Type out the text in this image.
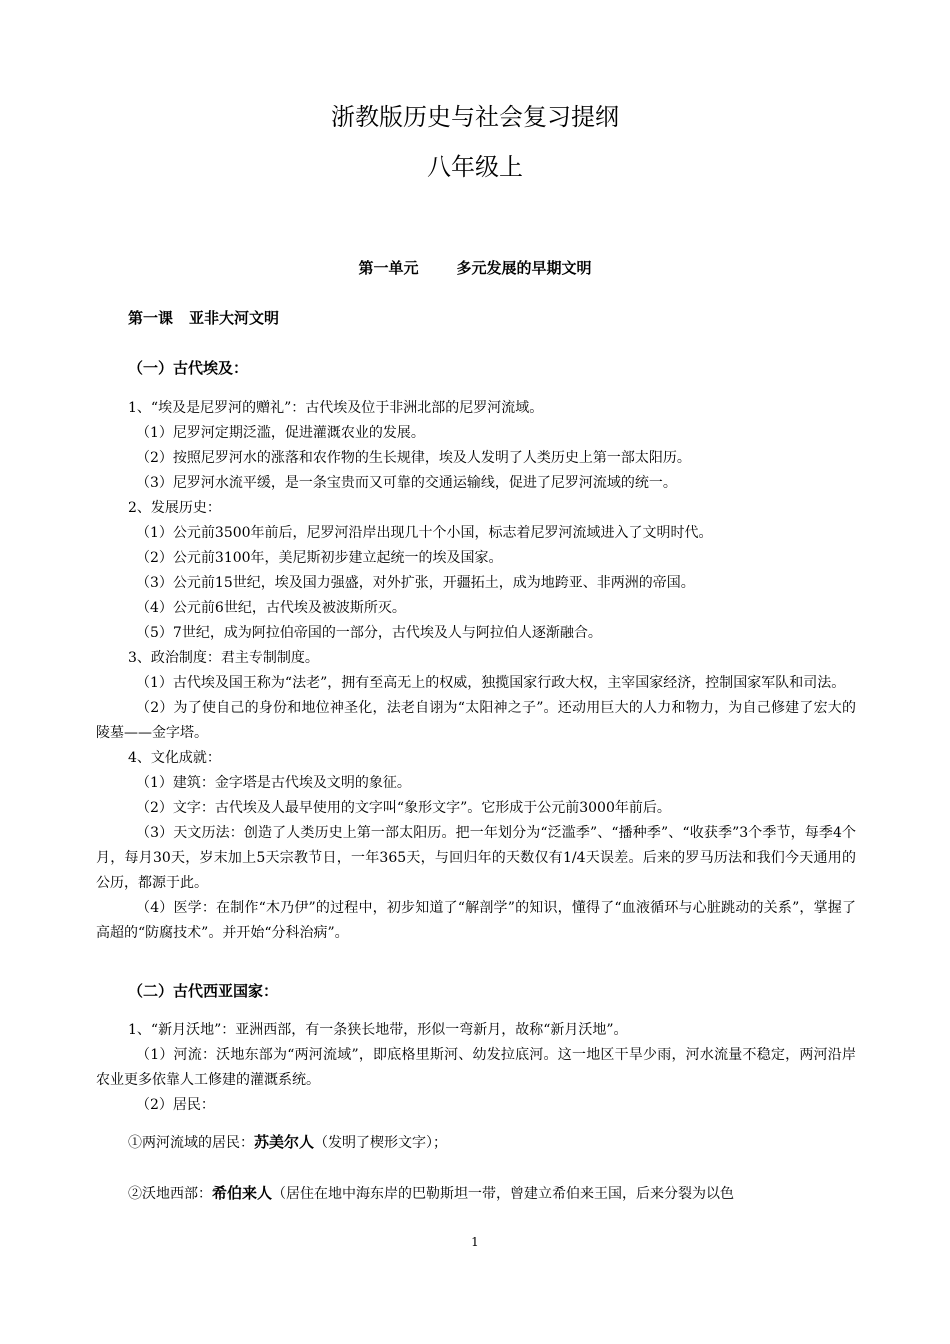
浙教版历史与社会复习提纲
八年级上
第一单元	多元发展的早期文明
第一课 亚非大河文明
（一）古代埃及：

1、“埃及是尼罗河的赠礼”：古代埃及位于非洲北部的尼罗河流域。

（1）尼罗河定期泛滥，促进灌溉农业的发展。

（2）按照尼罗河水的涨落和农作物的生长规律，埃及人发明了人类历史上第一部太阳历。

（3）尼罗河水流平缓，是一条宝贵而又可靠的交通运输线，促进了尼罗河流域的统一。

2、发展历史：

（1）公元前3500年前后，尼罗河沿岸出现几十个小国，标志着尼罗河流域进入了文明时代。

（2）公元前3100年，美尼斯初步建立起统一的埃及国家。

（3）公元前15世纪，埃及国力强盛，对外扩张，开疆拓土，成为地跨亚、非两洲的帝国。

（4）公元前6世纪，古代埃及被波斯所灭。

（5）7世纪，成为阿拉伯帝国的一部分，古代埃及人与阿拉伯人逐渐融合。

3、政治制度：君主专制制度。

（1）古代埃及国王称为“法老”，拥有至高无上的权威，独揽国家行政大权，主宰国家经济，控制国家军队和司法。

（2）为了使自己的身份和地位神圣化，法老自诩为“太阳神之子”。还动用巨大的人力和物力，为自己修建了宏大的陵墓——金字塔。

4、文化成就：

（1）建筑：金字塔是古代埃及文明的象征。

（2）文字：古代埃及人最早使用的文字叫“象形文字”。它形成于公元前3000年前后。

（3）天文历法：创造了人类历史上第一部太阳历。把一年划分为“泛滥季”、“播种季”、“收获季”3个季节，每季4个月，每月30天，岁末加上5天宗教节日，一年365天，与回归年的天数仅有1/4天误差。后来的罗马历法和我们今天通用的公历，都源于此。

（4）医学：在制作“木乃伊”的过程中，初步知道了“解剖学”的知识，懂得了“血液循环与心脏跳动的关系”，掌握了高超的“防腐技术”。并开始“分科治病”。

（二）古代西亚国家：

1、“新月沃地”：亚洲西部，有一条狭长地带，形似一弯新月，故称“新月沃地”。

（1）河流：沃地东部为“两河流域”，即底格里斯河、幼发拉底河。这一地区干旱少雨，河水流量不稳定，两河沿岸农业更多依靠人工修建的灌溉系统。

（2）居民：

①两河流域的居民：苏美尔人（发明了楔形文字）；
②沃地西部：希伯来人（居住在地中海东岸的巴勒斯坦一带，曾建立希伯来王国，后来分裂为以色
1
